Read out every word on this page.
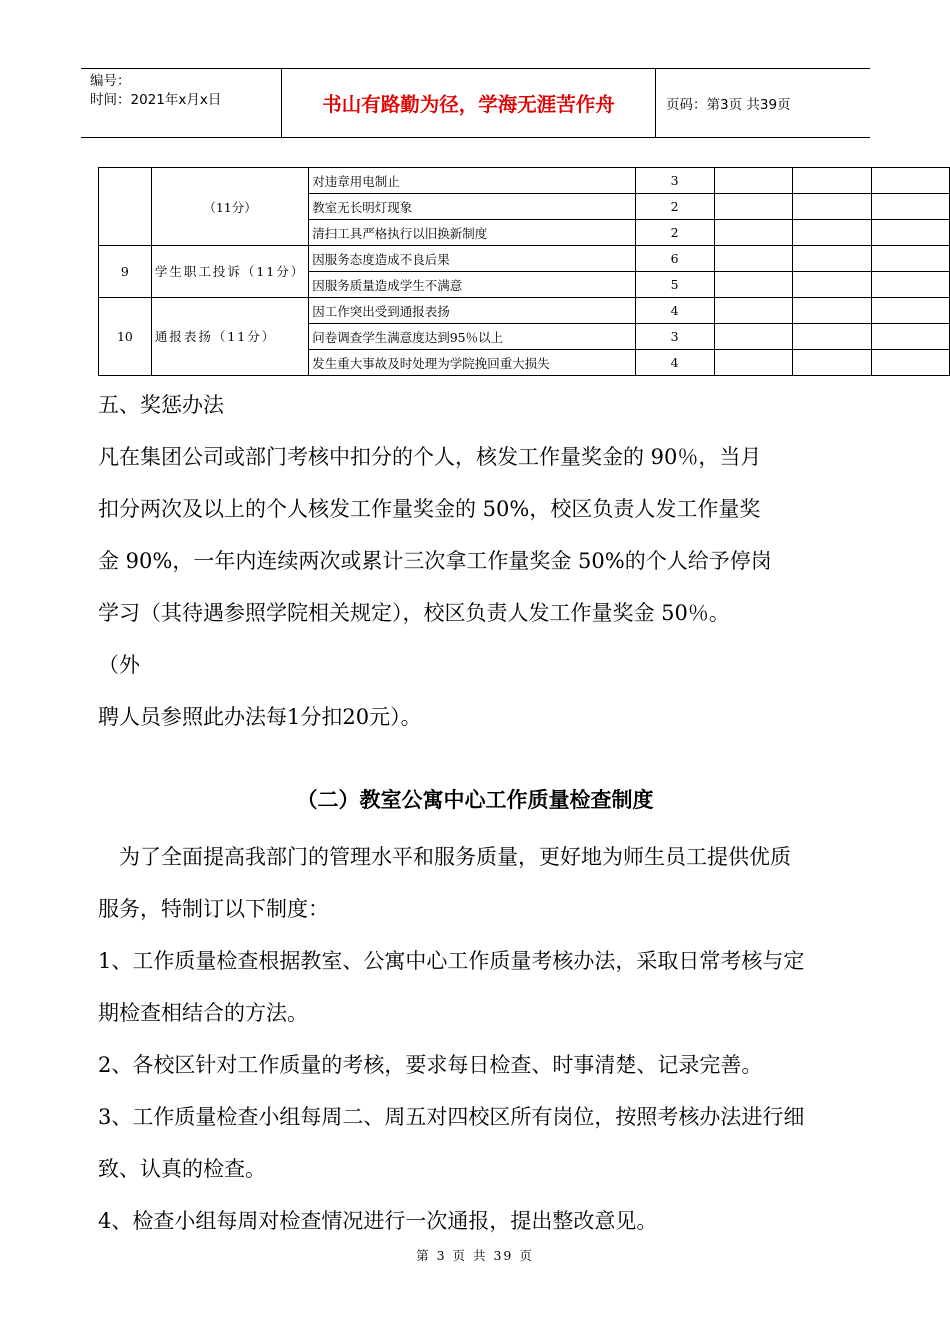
编号：
时间：2021年x月x日	书山有路勤为径，学海无涯苦作舟	页码：第3页 共39页
	（11分）	对违章用电制止	3			
		教室无长明灯现象	2			
		清扫工具严格执行以旧换新制度	2			
9	学生职工投诉（11分）	因服务态度造成不良后果	6			
		因服务质量造成学生不满意	5			
10	通报表扬（11分）	因工作突出受到通报表扬	4			
		问卷调查学生满意度达到95％以上	3			
		发生重大事故及时处理为学院挽回重大损失	4			
五、奖惩办法
凡在集团公司或部门考核中扣分的个人，核发工作量奖金的 90％，当月
扣分两次及以上的个人核发工作量奖金的 50%，校区负责人发工作量奖
金 90%，一年内连续两次或累计三次拿工作量奖金 50%的个人给予停岗
学习（其待遇参照学院相关规定），校区负责人发工作量奖金 50％。
（外
聘人员参照此办法每1分扣20元）。
（二）教室公寓中心工作质量检查制度
　为了全面提高我部门的管理水平和服务质量，更好地为师生员工提供优质
服务，特制订以下制度：
1、工作质量检查根据教室、公寓中心工作质量考核办法，采取日常考核与定
期检查相结合的方法。
2、各校区针对工作质量的考核，要求每日检查、时事清楚、记录完善。
3、工作质量检查小组每周二、周五对四校区所有岗位，按照考核办法进行细
致、认真的检查。
4、检查小组每周对检查情况进行一次通报，提出整改意见。
第 3 页 共 39 页
